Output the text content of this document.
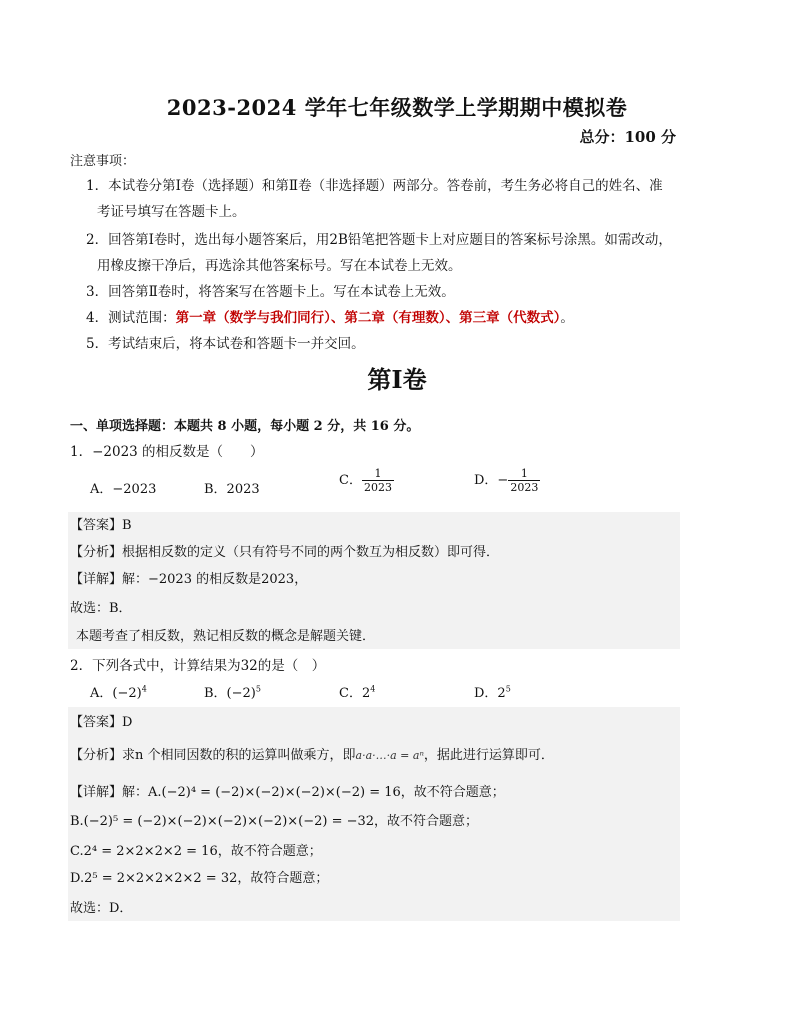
2023-2024 学年七年级数学上学期期中模拟卷
总分：100 分
注意事项：
1．本试卷分第Ⅰ卷（选择题）和第Ⅱ卷（非选择题）两部分。答卷前，考生务必将自己的姓名、准
考证号填写在答题卡上。
2．回答第Ⅰ卷时，选出每小题答案后，用2B铅笔把答题卡上对应题目的答案标号涂黑。如需改动，
用橡皮擦干净后，再选涂其他答案标号。写在本试卷上无效。
3．回答第Ⅱ卷时，将答案写在答题卡上。写在本试卷上无效。
4．测试范围：第一章（数学与我们同行）、第二章（有理数）、第三章（代数式）。
5．考试结束后，将本试卷和答题卡一并交回。
第Ⅰ卷
一、单项选择题：本题共 8 小题，每小题 2 分，共 16 分。
1．−2023 的相反数是（　　）
A．−2023	B．2023
C． $\frac{1}{2023}$	D．− $\frac{1}{2023}$
【答案】B
【分析】根据相反数的定义（只有符号不同的两个数互为相反数）即可得．
【详解】解：−2023 的相反数是2023，
故选：B．
本题考查了相反数，熟记相反数的概念是解题关键．
2．下列各式中，计算结果为32的是（　）
A．$(-2)^4$	B．$(-2)^5$	C．$2^4$	D．$2^5$
【答案】D
【分析】求n 个相同因数的积的运算叫做乘方，即a·a·…·a = aⁿ，据此进行运算即可．
【详解】解：A.(−2)⁴ = (−2)×(−2)×(−2)×(−2) = 16，故不符合题意；
B.(−2)⁵ = (−2)×(−2)×(−2)×(−2)×(−2) = −32，故不符合题意；
C.2⁴ = 2×2×2×2 = 16，故不符合题意；
D.2⁵ = 2×2×2×2×2 = 32，故符合题意；
故选：D．
